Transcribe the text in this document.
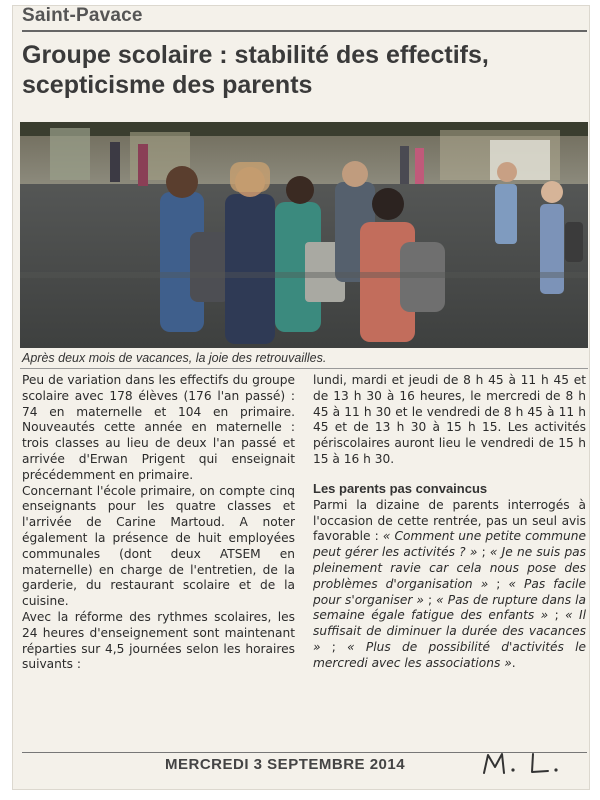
Saint-Pavace
Groupe scolaire : stabilité des effectifs,
scepticisme des parents
Après deux mois de vacances, la joie des retrouvailles.

Peu de variation dans les effectifs du groupe scolaire avec 178 élèves (176 l'an passé) : 74 en maternelle et 104 en primaire. Nouveautés cette année en maternelle : trois classes au lieu de deux l'an passé et arrivée d'Erwan Prigent qui enseignait précédemment en primaire.

Concernant l'école primaire, on compte cinq enseignants pour les quatre classes et l'arrivée de Carine Martoud. A noter également la présence de huit employées communales (dont deux ATSEM en maternelle) en charge de l'entretien, de la garderie, du restaurant scolaire et de la cuisine.

Avec la réforme des rythmes scolaires, les 24 heures d'enseignement sont maintenant réparties sur 4,5 journées selon les horaires suivants :

lundi, mardi et jeudi de 8 h 45 à 11 h 45 et de 13 h 30 à 16 heures, le mercredi de 8 h 45 à 11 h 30 et le vendredi de 8 h 45 à 11 h 45 et de 13 h 30 à 15 h 15. Les activités périscolaires auront lieu le vendredi de 15 h 15 à 16 h 30.

Les parents pas convaincus

Parmi la dizaine de parents interrogés à l'occasion de cette rentrée, pas un seul avis favorable : « Comment une petite commune peut gérer les activités ? » ; « Je ne suis pas pleinement ravie car cela nous pose des problèmes d'organisation » ; « Pas facile pour s'organiser » ; « Pas de rupture dans la semaine égale fatigue des enfants » ; « Il suffisait de diminuer la durée des vacances » ; « Plus de possibilité d'activités le mercredi avec les associations ».

MERCREDI 3 SEPTEMBRE 2014
